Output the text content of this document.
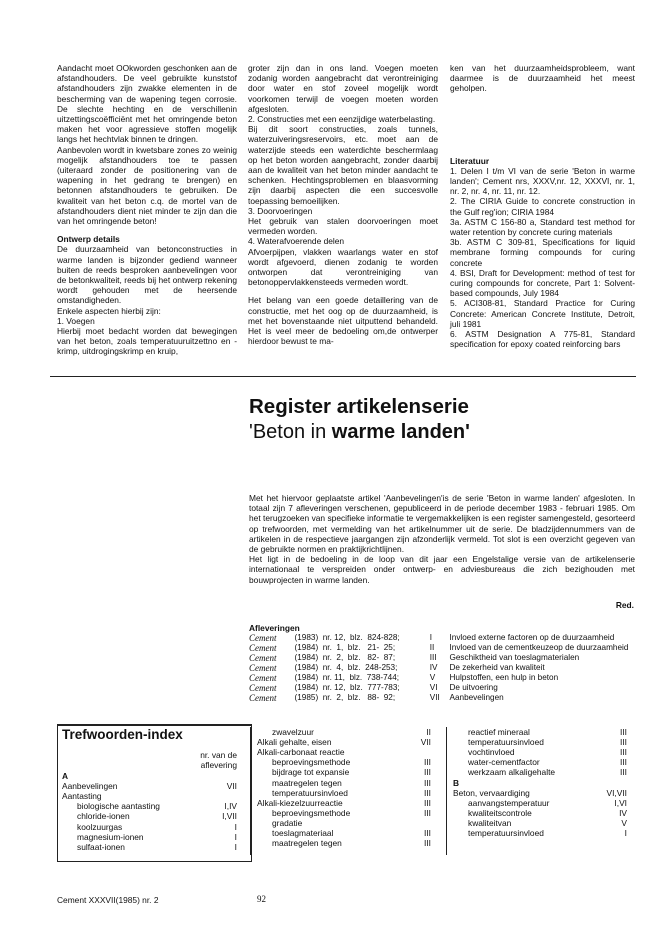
Aandacht moet OOkworden geschonken aan de afstandhouders. De veel gebruikte kunststof afstandhouders zijn zwakke elementen in de bescherming van de wapening tegen corrosie. De slechte hechting en de verschillenin uitzettingscoëfficiënt met het omringende beton maken het voor agressieve stoffen mogelijk langs het hechtvlak binnen te dringen.

Aanbevolen wordt in kwetsbare zones zo weinig mogelijk afstandhouders toe te passen (uiteraard zonder de positionering van de wapening in het gedrang te brengen) en betonnen afstandhouders te gebruiken. De kwaliteit van het beton c.q. de mortel van de afstandhouders dient niet minder te zijn dan die van het omringende beton!

Ontwerp details

De duurzaamheid van betonconstructies in warme landen is bijzonder gediend wanneer buiten de reeds besproken aanbevelingen voor de betonkwaliteit, reeds bij het ontwerp rekening wordt gehouden met de heersende omstandigheden.

Enkele aspecten hierbij zijn:

1. Voegen

Hierbij moet bedacht worden dat bewegingen van het beton, zoals temperatuuruitzettno en -krimp, uitdrogingskrimp en kruip,

groter zijn dan in ons land. Voegen moeten zodanig worden aangebracht dat verontreiniging door water en stof zoveel mogelijk wordt voorkomen terwijl de voegen moeten worden afgesloten.

2. Constructies met een eenzijdige waterbelasting.

Bij dit soort constructies, zoals tunnels, waterzuiveringsreservoirs, etc. moet aan de waterzijde steeds een waterdichte beschermlaag op het beton worden aangebracht, zonder daarbij aan de kwaliteit van het beton minder aandacht te schenken. Hechtingsproblemen en blaasvorming zijn daarbij aspecten die een succesvolle toepassing bemoeilijken.

3. Doorvoeringen

Het gebruik van stalen doorvoeringen moet vermeden worden.

4. Waterafvoerende delen

Afvoerpijpen, vlakken waarlangs water en stof wordt afgevoerd, dienen zodanig te worden ontworpen dat verontreiniging van betonoppervlakkensteeds vermeden wordt.

Het belang van een goede detaillering van de constructie, met het oog op de duurzaamheid, is met het bovenstaande niet uitputtend behandeld. Het is veel meer de bedoeling om,de ontwerper hierdoor bewust te ma-

ken van het duurzaamheidsprobleem, want daarmee is de duurzaamheid het meest geholpen.

Literatuur

1. Delen I t/m VI van de serie 'Beton in warme landen'; Cement nrs, XXXV,nr. 12, XXXVI, nr. 1, nr. 2, nr. 4, nr. 11, nr. 12.

2. The CIRIA Guide to concrete construction in the Gulf reg'ion; CIRIA 1984

3a. ASTM C 156-80 a, Standard test method for water retention by concrete curing materials

3b. ASTM C 309-81, Specifications for liquid membrane forming compounds for curing concrete

4. BSI, Draft for Development: method of test for curing compounds for concrete, Part 1: Solvent-based compounds, July 1984

5. ACI308-81, Standard Practice for Curing Concrete: American Concrete Institute, Detroit, juli 1981

6. ASTM Designation A 775-81, Standard specification for epoxy coated reinforcing bars

Register artikelenserie
'Beton in warme landen'

Met het hiervoor geplaatste artikel 'Aanbevelingen'is de serie 'Beton in warme landen' afgesloten. In totaal zijn 7 afleveringen verschenen, gepubliceerd in de periode december 1983 - februari 1985. Om het terugzoeken van specifieke informatie te vergemakkelijken is een register samengesteld, gesorteerd op trefwoorden, met vermelding van het artikelnummer uit de serie. De bladzijdennummers van de artikelen in de respectieve jaargangen zijn afzonderlijk vermeld. Tot slot is een overzicht gegeven van de gebruikte normen en praktijkrichtlijnen.

Het ligt in de bedoeling in de loop van dit jaar een Engelstalige versie van de artikelenserie internationaal te verspreiden onder ontwerp- en adviesbureaus die zich bezighouden met bouwprojecten in warme landen.

Red.
Afleveringen
Cement	(1983)  nr. 12,  blz.  824-828;	I	Invloed externe factoren op de duurzaamheid
Cement	(1984)  nr.  1,  blz.   21-  25;	II	Invloed van de cementkeuzeop de duurzaamheid
Cement	(1984)  nr.  2,  blz.   82-  87;	III	Geschiktheid van toeslagmaterialen
Cement	(1984)  nr.  4,  blz.  248-253;	IV	De zekerheid van kwaliteit
Cement	(1984)  nr. 11,  blz.  738-744;	V	Hulpstoffen, een hulp in beton
Cement	(1984)  nr. 12,  blz.  777-783;	VI	De uitvoering
Cement	(1985)  nr.  2,  blz.   88-  92;	VII	Aanbevelingen
Trefwoorden-index
nr. van de
aflevering
A
Aanbevelingen	VII
Aantasting
biologische aantasting	I,IV
chloride-ionen	I,VII
koolzuurgas	I
magnesium-ionen	I
sulfaat-ionen	I
zwavelzuur	II
Alkali gehalte, eisen	VII
Alkali-carbonaat reactie
beproevingsmethode	III
bijdrage tot expansie	III
maatregelen tegen	III
temperatuursinvloed	III
Alkali-kiezelzuurreactie	III
beproevingsmethode	III
gradatie
toeslagmateriaal	III
maatregelen tegen	III
reactief mineraal	III
temperatuursinvloed	III
vochtinvloed	III
water-cementfactor	III
werkzaam alkaligehalte	III
B
Beton, vervaardiging	VI,VII
aanvangstemperatuur	I,VI
kwaliteitscontrole	IV
kwaliteitvan	V
temperatuursinvloed	I
Cement XXXVII(1985) nr. 2	92
